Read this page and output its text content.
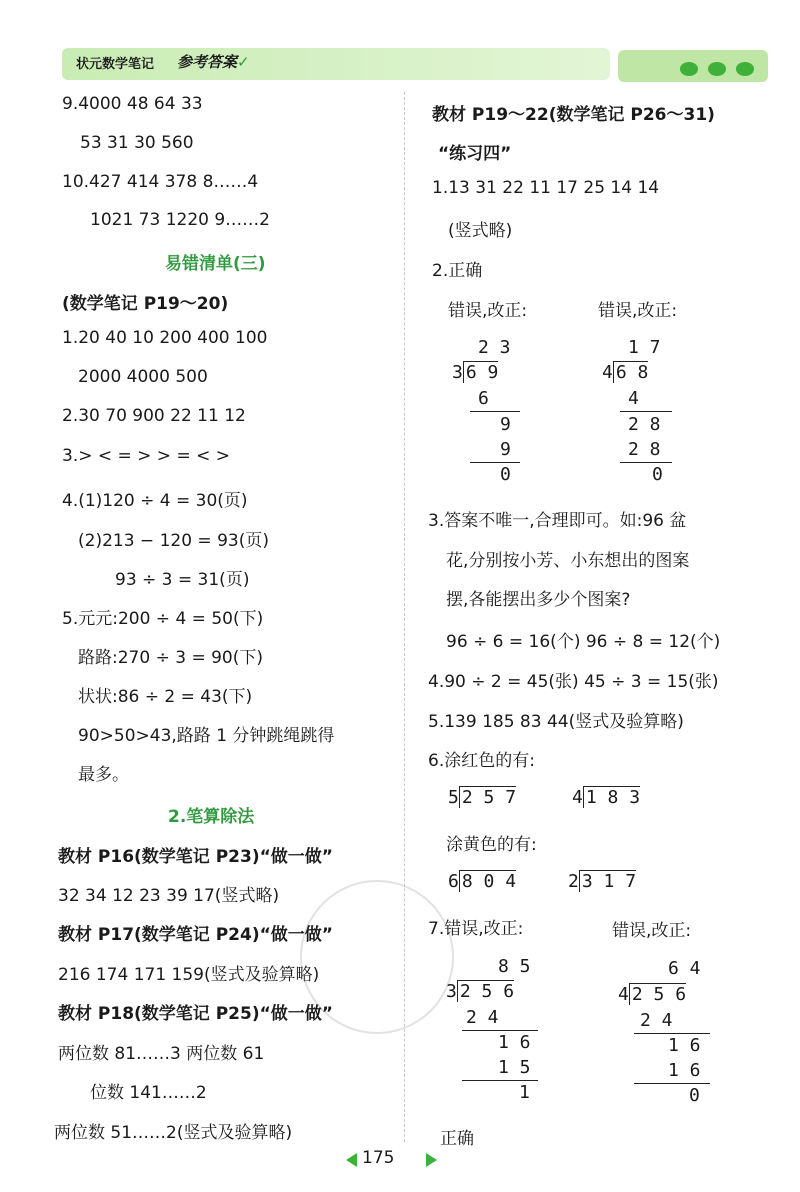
状元数学笔记 参考答案✓
9.4000 48 64 33
53 31 30 560
10.427 414 378 8……4
1021 73 1220 9……2
易错清单(三)
(数学笔记 P19～20)
1.20 40 10 200 400 100
2000 4000 500
2.30 70 900 22 11 12
3.> < = > > = < >
4.(1)120 ÷ 4 = 30(页)
(2)213 − 120 = 93(页)
93 ÷ 3 = 31(页)
5.元元:200 ÷ 4 = 50(下)
路路:270 ÷ 3 = 90(下)
状状:86 ÷ 2 = 43(下)
90>50>43,路路 1 分钟跳绳跳得
最多。
2.笔算除法
教材 P16(数学笔记 P23)“做一做”
32 34 12 23 39 17(竖式略)
教材 P17(数学笔记 P24)“做一做”
216 174 171 159(竖式及验算略)
教材 P18(数学笔记 P25)“做一做”
两位数 81……3 两位数 61
位数 141……2
两位数 51……2(竖式及验算略)
教材 P19～22(数学笔记 P26～31)
“练习四”
1.13 31 22 11 17 25 14 14
(竖式略)
2.正确
错误,改正:	错误,改正:
2 3
3 6 9
6
9
9
0
1 7
4 6 8
4
2 8
2 8
0
3.答案不唯一,合理即可。如:96 盆
花,分别按小芳、小东想出的图案
摆,各能摆出多少个图案?
96 ÷ 6 = 16(个) 96 ÷ 8 = 12(个)
4.90 ÷ 2 = 45(张) 45 ÷ 3 = 15(张)
5.139 185 83 44(竖式及验算略)
6.涂红色的有:
5 2 5 7	4 1 8 3
涂黄色的有:
6 8 0 4	2 3 1 7
7.错误,改正:	错误,改正:
8 5
3 2 5 6
2 4
1 6
1 5
1
6 4
4 2 5 6
2 4
1 6
1 6
0
正确
175
